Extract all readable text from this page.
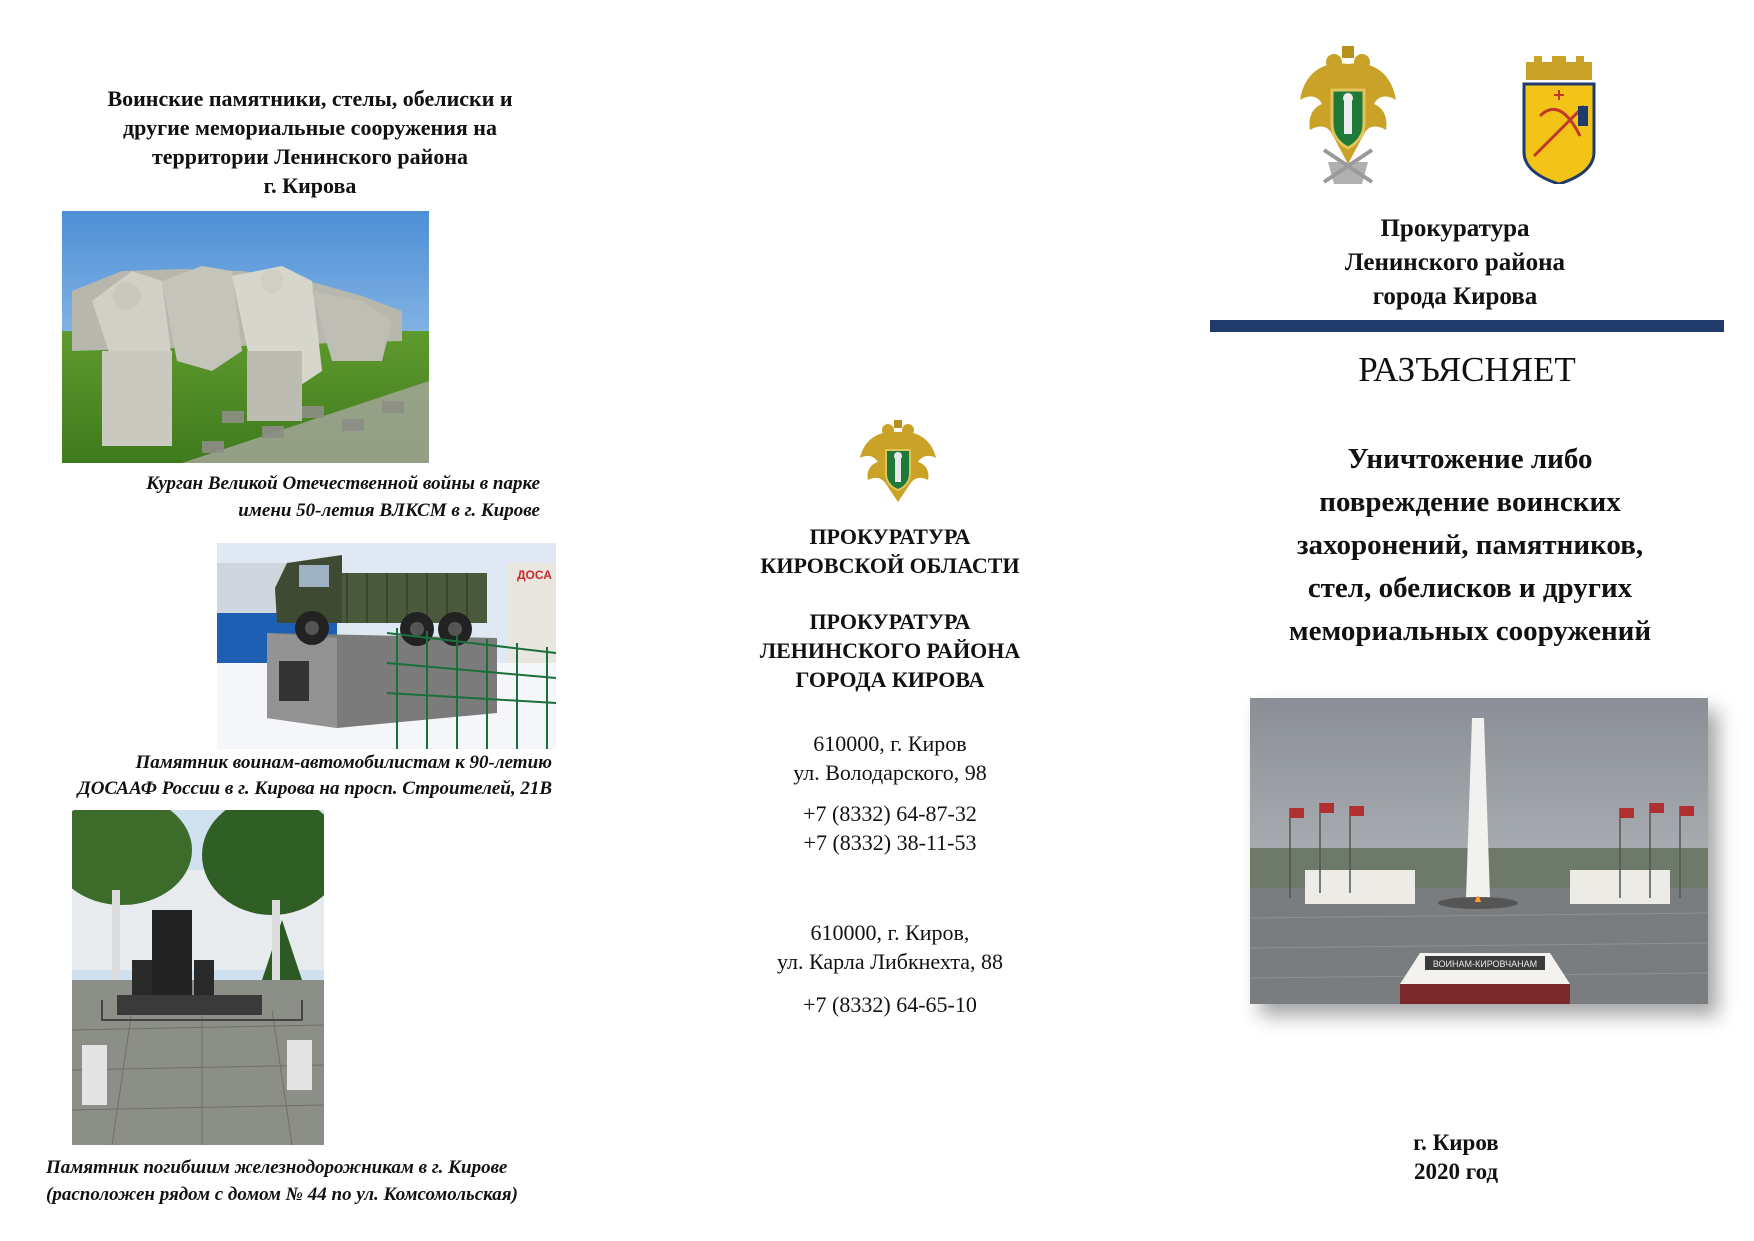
Воинские памятники, стелы, обелиски и
другие мемориальные сооружения на
территории Ленинского района
г. Кирова
Курган Великой Отечественной войны в парке
имени 50-летия ВЛКСМ в г. Кирове
ДОСА
Памятник воинам-автомобилистам к 90-летию
ДОСААФ России в г. Кирова на просп. Строителей, 21В
Памятник погибшим железнодорожникам в г. Кирове
(расположен рядом с домом № 44 по ул. Комсомольская)
ПРОКУРАТУРА
КИРОВСКОЙ ОБЛАСТИ
ПРОКУРАТУРА
ЛЕНИНСКОГО РАЙОНА
ГОРОДА КИРОВА
610000, г. Киров
ул. Володарского, 98
+7 (8332) 64-87-32
+7 (8332) 38-11-53
610000, г. Киров,
ул. Карла Либкнехта, 88
+7 (8332) 64-65-10
Прокуратура
Ленинского района
города Кирова
РАЗЪЯСНЯЕТ
Уничтожение либо
повреждение воинских
захоронений, памятников,
стел, обелисков и других
мемориальных сооружений
ВОИНАМ-КИРОВЧАНАМ
г. Киров
2020 год
